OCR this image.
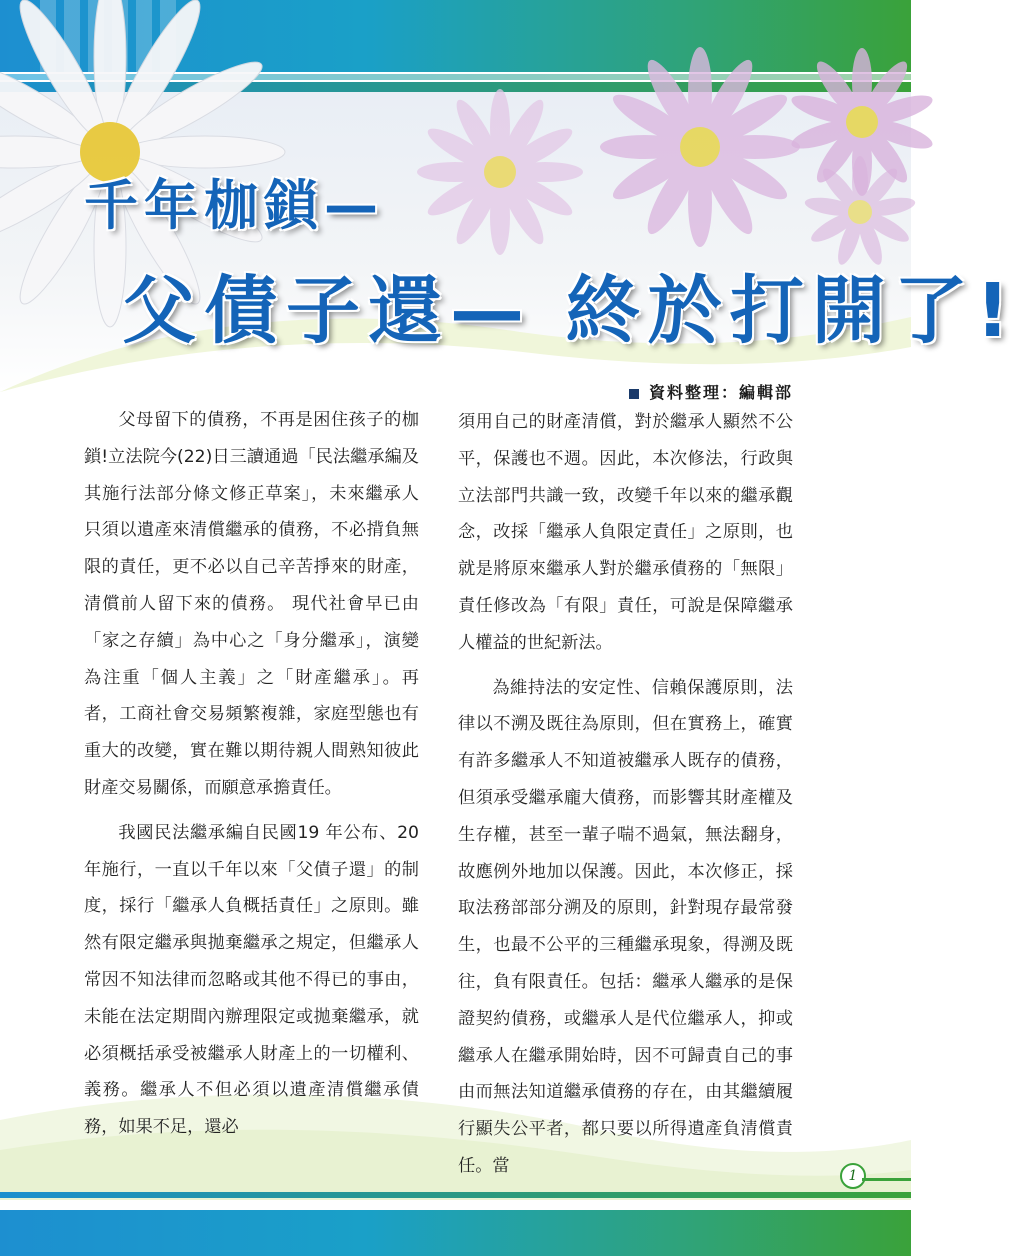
千年枷鎖—
父債子還— 終於打開了!
資料整理：編輯部

父母留下的債務，不再是困住孩子的枷鎖!立法院今(22)日三讀通過「民法繼承編及其施行法部分條文修正草案」，未來繼承人只須以遺產來清償繼承的債務，不必揹負無限的責任，更不必以自己辛苦掙來的財產，清償前人留下來的債務。 現代社會早已由「家之存續」為中心之「身分繼承」，演變為注重「個人主義」之「財產繼承」。再者，工商社會交易頻繁複雜，家庭型態也有重大的改變，實在難以期待親人間熟知彼此財產交易關係，而願意承擔責任。

我國民法繼承編自民國19 年公布、20 年施行，一直以千年以來「父債子還」的制度，採行「繼承人負概括責任」之原則。雖然有限定繼承與拋棄繼承之規定，但繼承人常因不知法律而忽略或其他不得已的事由，未能在法定期間內辦理限定或拋棄繼承，就必須概括承受被繼承人財產上的一切權利、義務。繼承人不但必須以遺產清償繼承債務，如果不足，還必

須用自己的財產清償，對於繼承人顯然不公平，保護也不週。因此，本次修法，行政與立法部門共識一致，改變千年以來的繼承觀念，改採「繼承人負限定責任」之原則，也就是將原來繼承人對於繼承債務的「無限」責任修改為「有限」責任，可說是保障繼承人權益的世紀新法。

為維持法的安定性、信賴保護原則，法律以不溯及既往為原則，但在實務上，確實有許多繼承人不知道被繼承人既存的債務，但須承受繼承龐大債務，而影響其財產權及生存權，甚至一輩子喘不過氣，無法翻身，故應例外地加以保護。因此，本次修正，採取法務部部分溯及的原則，針對現存最常發生，也最不公平的三種繼承現象，得溯及既往，負有限責任。包括：繼承人繼承的是保證契約債務，或繼承人是代位繼承人，抑或繼承人在繼承開始時，因不可歸責自己的事由而無法知道繼承債務的存在，由其繼續履行顯失公平者，都只要以所得遺產負清償責任。當

1
